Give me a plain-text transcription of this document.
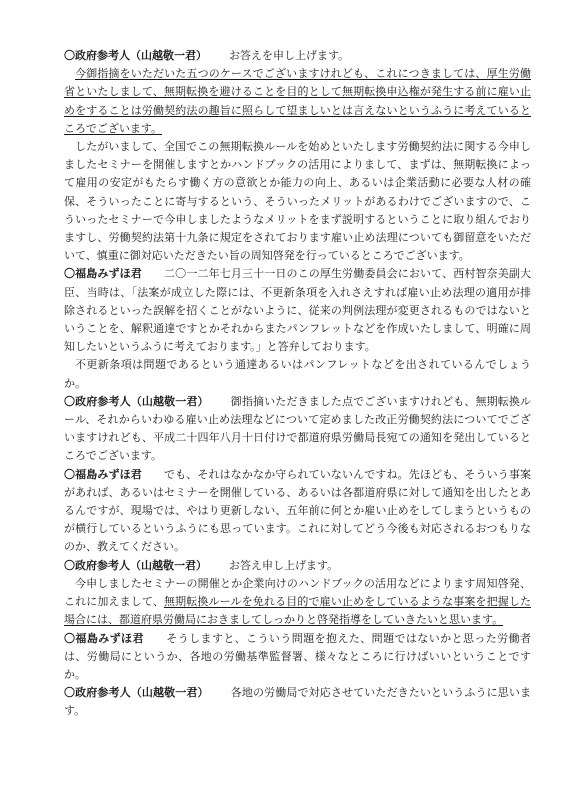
〇政府参考人（山越敬一君） お答えを申し上げます。

今御指摘をいただいた五つのケースでございますけれども、これにつきましては、厚生労働省といたしまして、無期転換を避けることを目的として無期転換申込権が発生する前に雇い止めをすることは労働契約法の趣旨に照らして望ましいとは言えないというふうに考えているところでございます。

したがいまして、全国でこの無期転換ルールを始めといたします労働契約法に関する今申しましたセミナーを開催しますとかハンドブックの活用によりまして、まずは、無期転換によって雇用の安定がもたらす働く方の意欲とか能力の向上、あるいは企業活動に必要な人材の確保、そういったことに寄与するという、そういったメリットがあるわけでございますので、こういったセミナーで今申しましたようなメリットをまず説明するということに取り組んでおりますし、労働契約法第十九条に規定をされております雇い止め法理についても御留意をいただいて、慎重に御対応いただきたい旨の周知啓発を行っているところでございます。

〇福島みずほ君 二〇一二年七月三十一日のこの厚生労働委員会において、西村智奈美副大臣、当時は、「法案が成立した際には、不更新条項を入れさえすれば雇い止め法理の適用が排除されるといった誤解を招くことがないように、従来の判例法理が変更されるものではないということを、解釈通達ですとかそれからまたパンフレットなどを作成いたしまして、明確に周知したいというふうに考えております。」と答弁しております。

不更新条項は問題であるという通達あるいはパンフレットなどを出されているんでしょうか。

〇政府参考人（山越敬一君） 御指摘いただきました点でございますけれども、無期転換ルール、それからいわゆる雇い止め法理などについて定めました改正労働契約法についてでございますけれども、平成二十四年八月十日付けで都道府県労働局長宛ての通知を発出しているところでございます。

〇福島みずほ君 でも、それはなかなか守られていないんですね。先ほども、そういう事案があれば、あるいはセミナーを開催している、あるいは各都道府県に対して通知を出したとあるんですが、現場では、やはり更新しない、五年前に何とか雇い止めをしてしまうというものが横行しているというふうにも思っています。これに対してどう今後も対応されるおつもりなのか、教えてください。

〇政府参考人（山越敬一君） お答え申し上げます。

今申しましたセミナーの開催とか企業向けのハンドブックの活用などによります周知啓発、これに加えまして、無期転換ルールを免れる目的で雇い止めをしているような事案を把握した場合には、都道府県労働局におきましてしっかりと啓発指導をしていきたいと思います。

〇福島みずほ君 そうしますと、こういう問題を抱えた、問題ではないかと思った労働者は、労働局にというか、各地の労働基準監督署、様々なところに行けばいいということですか。

〇政府参考人（山越敬一君） 各地の労働局で対応させていただきたいというふうに思います。
